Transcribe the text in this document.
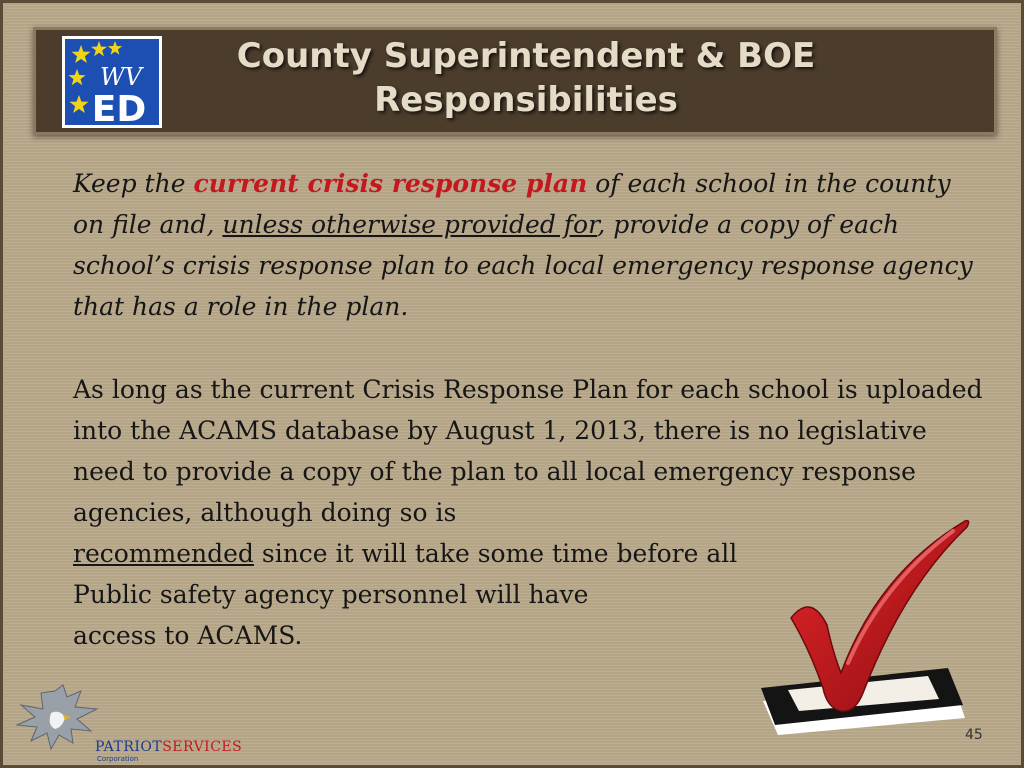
WV
ED
County Superintendent & BOE
Responsibilities
Keep the current crisis response plan of each school in the county on file and, unless otherwise provided for, provide a copy of each school’s crisis response plan to each local emergency response agency that has a role in the plan.
As long as the current Crisis Response Plan for each school is uploaded into the ACAMS database by August 1, 2013, there is no legislative need to provide a copy of the plan to all local emergency response agencies, although doing so is
recommended since it will take some time before all
Public safety agency personnel will have
access to ACAMS.
PATRIOTSERVICES
Corporation
45
